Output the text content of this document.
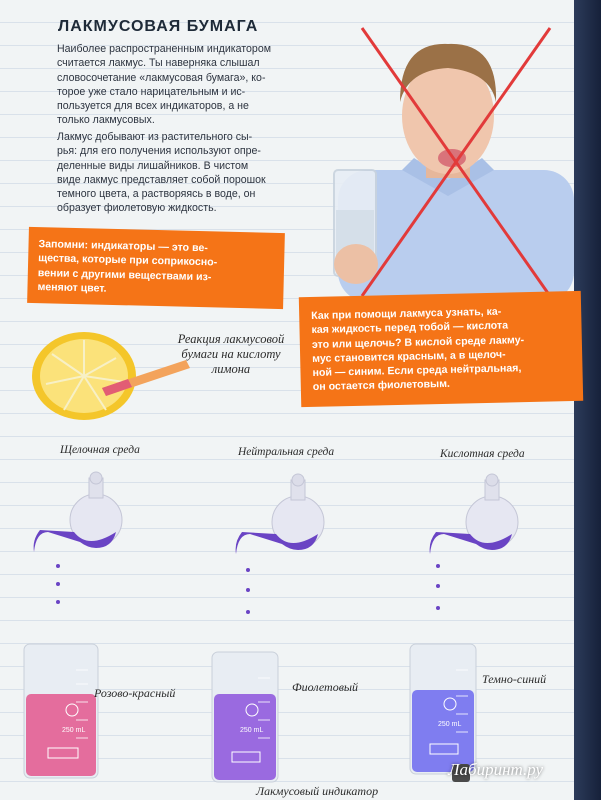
ЛАКМУСОВАЯ БУМАГА
Наиболее распространенным индикатором
считается лакмус. Ты наверняка слышал
словосочетание «лакмусовая бумага», ко-
торое уже стало нарицательным и ис-
пользуется для всех индикаторов, а не
только лакмусовых.
Лакмус добывают из растительного сы-
рья: для его получения используют опре-
деленные виды лишайников. В чистом
виде лакмус представляет собой порошок
темного цвета, а растворяясь в воде, он
образует фиолетовую жидкость.
Запомни: индикаторы — это ве-
щества, которые при соприкосно-
вении с другими веществами из-
меняют цвет.
Как при помощи лакмуса узнать, ка-
кая жидкость перед тобой — кислота
это или щелочь? В кислой среде лакму-
мус становится красным, а в щелоч-
ной — синим. Если среда нейтральная,
он остается фиолетовым.
Реакция лакмусовой
бумаги на кислоту
лимона
Щелочная среда	Нейтральная среда	Кислотная среда
250 mL	250 mL
250 mL
Розово-красный	Фиолетовый
Темно-синий
Лакмусовый индикатор
Лабиринт.ру
